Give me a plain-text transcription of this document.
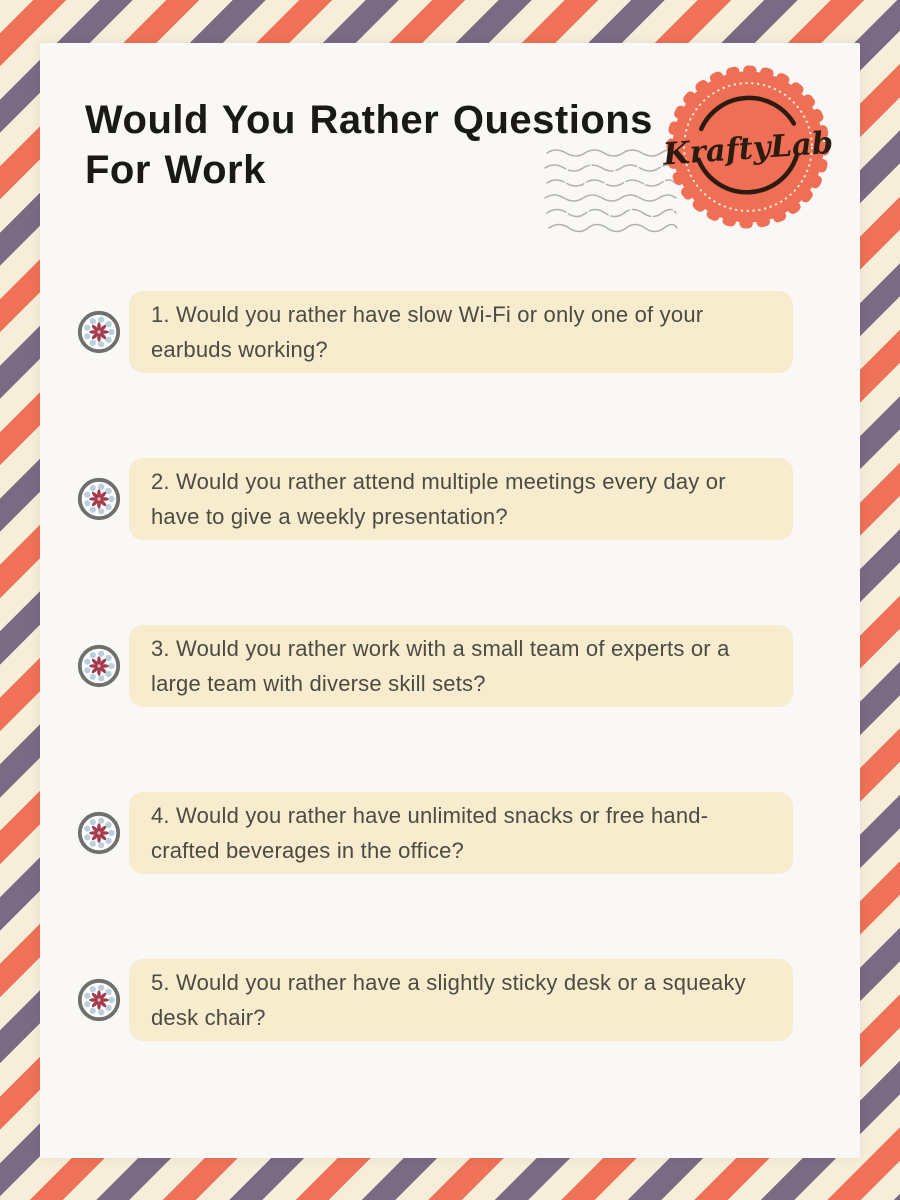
Would You Rather Questions
For Work	KraftyLab
1. Would you rather have slow Wi-Fi or only one of your earbuds working?
2. Would you rather attend multiple meetings every day or have to give a weekly presentation?
3. Would you rather work with a small team of experts or a large team with diverse skill sets?
4. Would you rather have unlimited snacks or free hand-crafted beverages in the office?
5. Would you rather have a slightly sticky desk or a squeaky desk chair?
